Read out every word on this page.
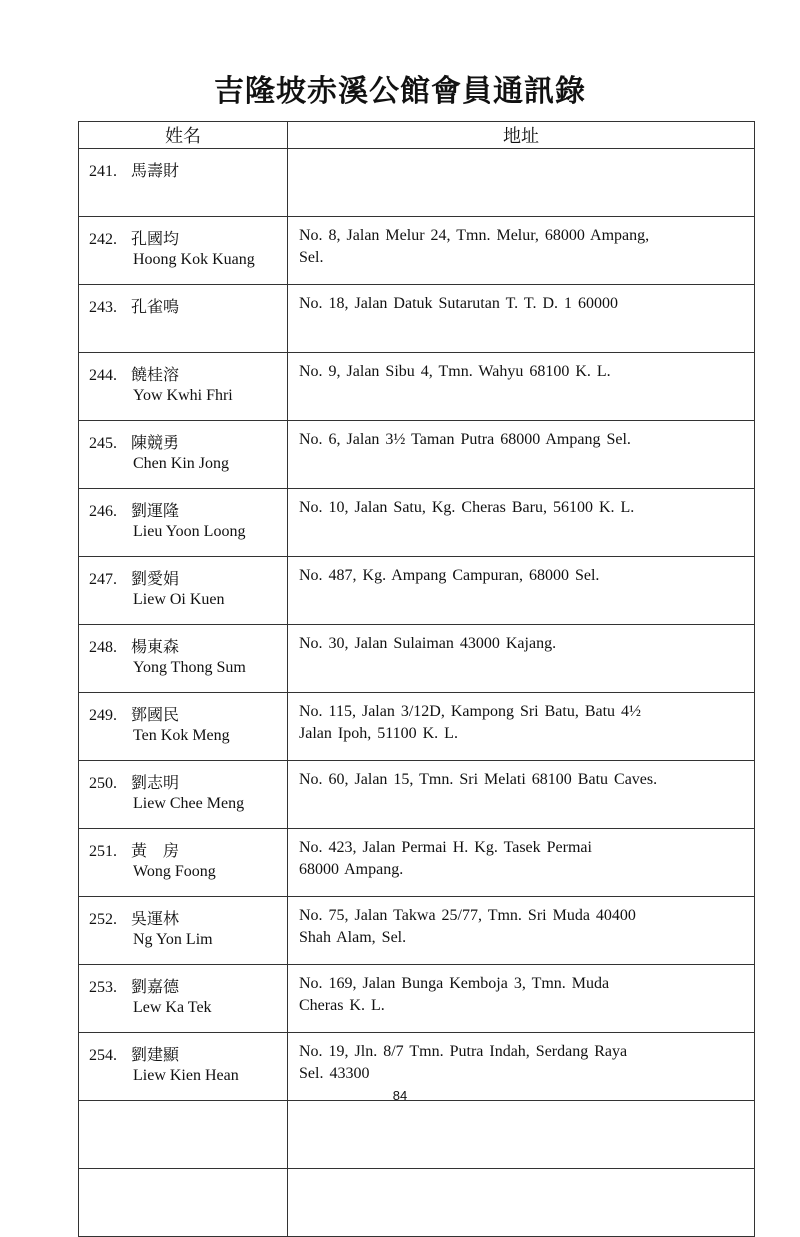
吉隆坡赤溪公館會員通訊錄
姓名	地址
241. 馬壽財

242. 孔國均
Hoong Kok Kuang	No. 8, Jalan Melur 24, Tmn. Melur, 68000 Ampang,
Sel.
243. 孔雀鳴	No. 18, Jalan Datuk Sutarutan T. T. D. 1 60000
244. 饒桂溶
Yow Kwhi Fhri	No. 9, Jalan Sibu 4, Tmn. Wahyu 68100 K. L.
245. 陳競勇
Chen Kin Jong	No. 6, Jalan 3½ Taman Putra 68000 Ampang Sel.
246. 劉運隆
Lieu Yoon Loong	No. 10, Jalan Satu, Kg. Cheras Baru, 56100 K. L.
247. 劉愛娟
Liew Oi Kuen	No. 487, Kg. Ampang Campuran, 68000 Sel.
248. 楊東森
Yong Thong Sum	No. 30, Jalan Sulaiman 43000 Kajang.
249. 鄧國民
Ten Kok Meng	No. 115, Jalan 3/12D, Kampong Sri Batu, Batu 4½
Jalan Ipoh, 51100 K. L.
250. 劉志明
Liew Chee Meng	No. 60, Jalan 15, Tmn. Sri Melati 68100 Batu Caves.
251. 黃　房
Wong Foong	No. 423, Jalan Permai H. Kg. Tasek Permai
68000 Ampang.
252. 吳運林
Ng Yon Lim	No. 75, Jalan Takwa 25/77, Tmn. Sri Muda 40400
Shah Alam, Sel.
253. 劉嘉德
Lew Ka Tek	No. 169, Jalan Bunga Kemboja 3, Tmn. Muda
Cheras K. L.
254. 劉建顯
Liew Kien Hean	No. 19, Jln. 8/7 Tmn. Putra Indah, Serdang Raya
Sel. 43300

84
